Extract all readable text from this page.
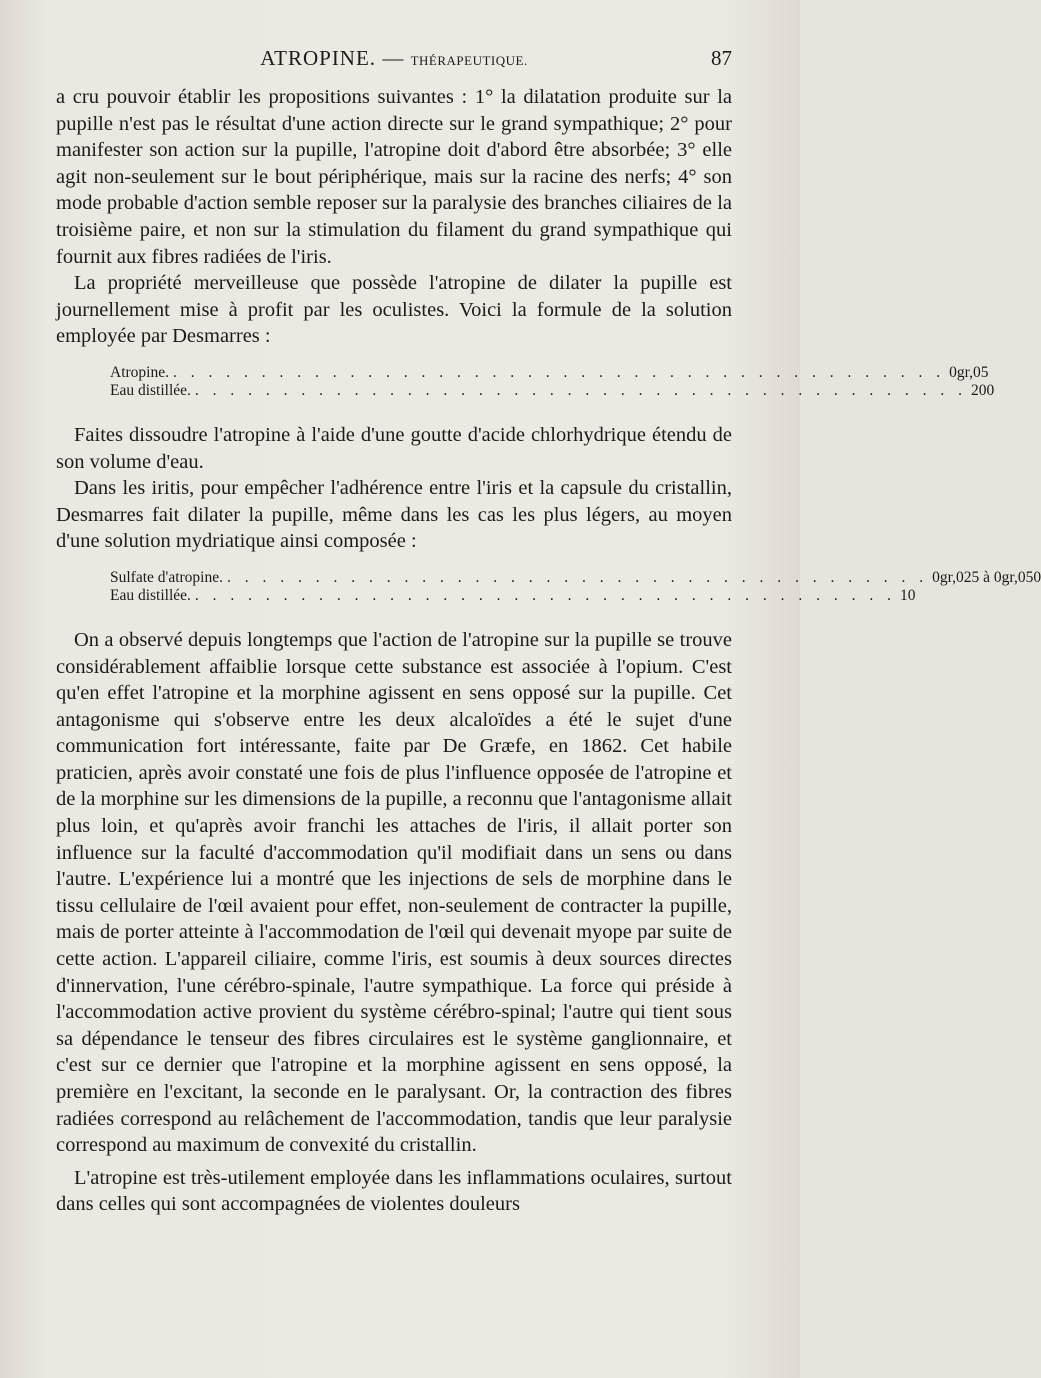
ATROPINE. — THÉRAPEUTIQUE.	87

a cru pouvoir établir les propositions suivantes : 1° la dilatation produite sur la pupille n'est pas le résultat d'une action directe sur le grand sympathique; 2° pour manifester son action sur la pupille, l'atropine doit d'abord être absorbée; 3° elle agit non-seulement sur le bout périphérique, mais sur la racine des nerfs; 4° son mode probable d'action semble reposer sur la paralysie des branches ciliaires de la troisième paire, et non sur la stimulation du filament du grand sympathique qui fournit aux fibres radiées de l'iris.

La propriété merveilleuse que possède l'atropine de dilater la pupille est journellement mise à profit par les oculistes. Voici la formule de la solution employée par Desmarres :

Atropine. . . . . . . . . . . . . . . . . . . . . . . . . . . . . . . . . . . . . . . . . . . . . 0gr,05
Eau distillée. . . . . . . . . . . . . . . . . . . . . . . . . . . . . . . . . . . . . . . . . . . . . 200

Faites dissoudre l'atropine à l'aide d'une goutte d'acide chlorhydrique étendu de son volume d'eau.

Dans les iritis, pour empêcher l'adhérence entre l'iris et la capsule du cristallin, Desmarres fait dilater la pupille, même dans les cas les plus légers, au moyen d'une solution mydriatique ainsi composée :

Sulfate d'atropine. . . . . . . . . . . . . . . . . . . . . . . . . . . . . . . . . . . . . . . . . 0gr,025 à 0gr,050
Eau distillée. . . . . . . . . . . . . . . . . . . . . . . . . . . . . . . . . . . . . . . . . 10

On a observé depuis longtemps que l'action de l'atropine sur la pupille se trouve considérablement affaiblie lorsque cette substance est associée à l'opium. C'est qu'en effet l'atropine et la morphine agissent en sens opposé sur la pupille. Cet antagonisme qui s'observe entre les deux alcaloïdes a été le sujet d'une communication fort intéressante, faite par De Græfe, en 1862. Cet habile praticien, après avoir constaté une fois de plus l'influence opposée de l'atropine et de la morphine sur les dimensions de la pupille, a reconnu que l'antagonisme allait plus loin, et qu'après avoir franchi les attaches de l'iris, il allait porter son influence sur la faculté d'accommodation qu'il modifiait dans un sens ou dans l'autre. L'expérience lui a montré que les injections de sels de morphine dans le tissu cellulaire de l'œil avaient pour effet, non-seulement de contracter la pupille, mais de porter atteinte à l'accommodation de l'œil qui devenait myope par suite de cette action. L'appareil ciliaire, comme l'iris, est soumis à deux sources directes d'innervation, l'une cérébro-spinale, l'autre sympathique. La force qui préside à l'accommodation active provient du système cérébro-spinal; l'autre qui tient sous sa dépendance le tenseur des fibres circulaires est le système ganglionnaire, et c'est sur ce dernier que l'atropine et la morphine agissent en sens opposé, la première en l'excitant, la seconde en le paralysant. Or, la contraction des fibres radiées correspond au relâchement de l'accommodation, tandis que leur paralysie correspond au maximum de convexité du cristallin.

L'atropine est très-utilement employée dans les inflammations oculaires, surtout dans celles qui sont accompagnées de violentes douleurs
